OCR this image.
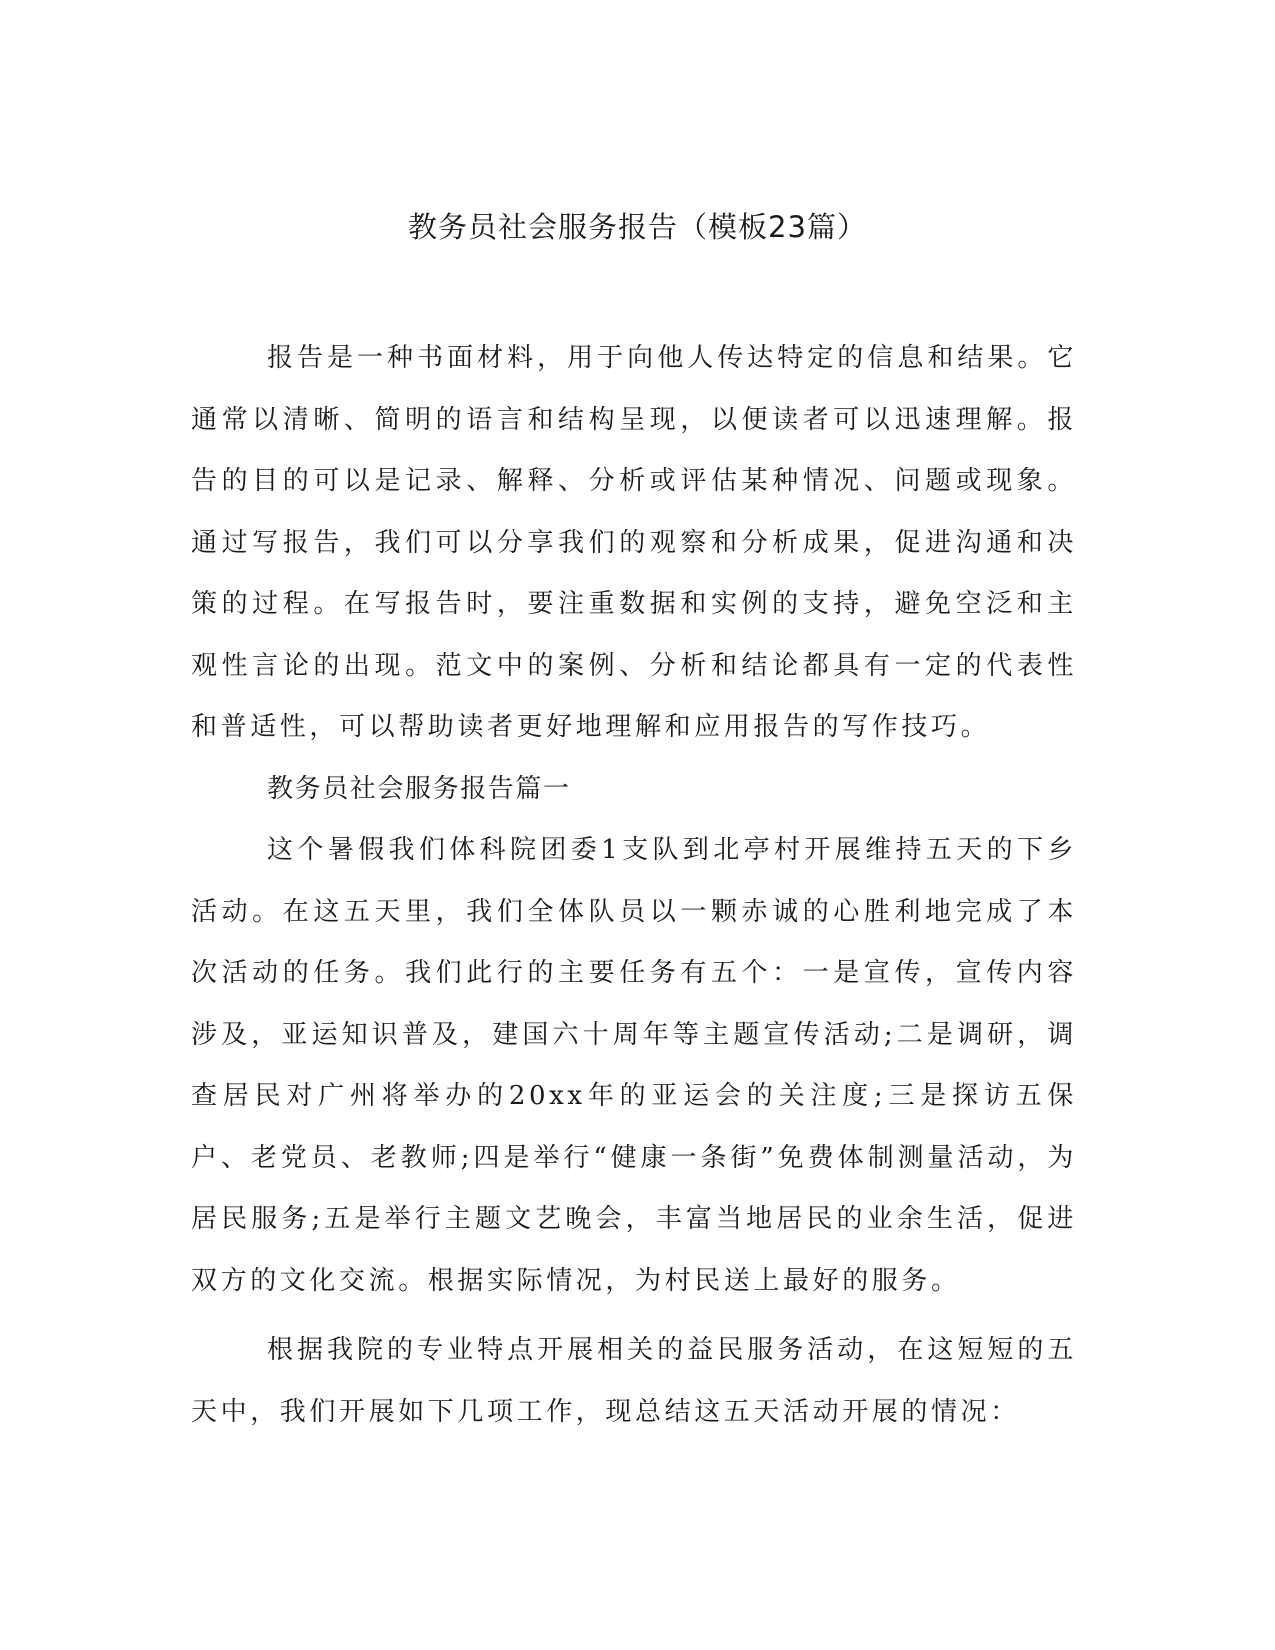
教务员社会服务报告（模板23篇）

报告是一种书面材料，用于向他人传达特定的信息和结果。它通常以清晰、简明的语言和结构呈现，以便读者可以迅速理解。报告的目的可以是记录、解释、分析或评估某种情况、问题或现象。通过写报告，我们可以分享我们的观察和分析成果，促进沟通和决策的过程。在写报告时，要注重数据和实例的支持，避免空泛和主观性言论的出现。范文中的案例、分析和结论都具有一定的代表性和普适性，可以帮助读者更好地理解和应用报告的写作技巧。

教务员社会服务报告篇一

这个暑假我们体科院团委1支队到北亭村开展维持五天的下乡活动。在这五天里，我们全体队员以一颗赤诚的心胜利地完成了本次活动的任务。我们此行的主要任务有五个：一是宣传，宣传内容涉及，亚运知识普及，建国六十周年等主题宣传活动;二是调研，调查居民对广州将举办的20xx年的亚运会的关注度;三是探访五保户、老党员、老教师;四是举行“健康一条街”免费体制测量活动，为居民服务;五是举行主题文艺晚会，丰富当地居民的业余生活，促进双方的文化交流。根据实际情况，为村民送上最好的服务。

根据我院的专业特点开展相关的益民服务活动，在这短短的五天中，我们开展如下几项工作，现总结这五天活动开展的情况：
